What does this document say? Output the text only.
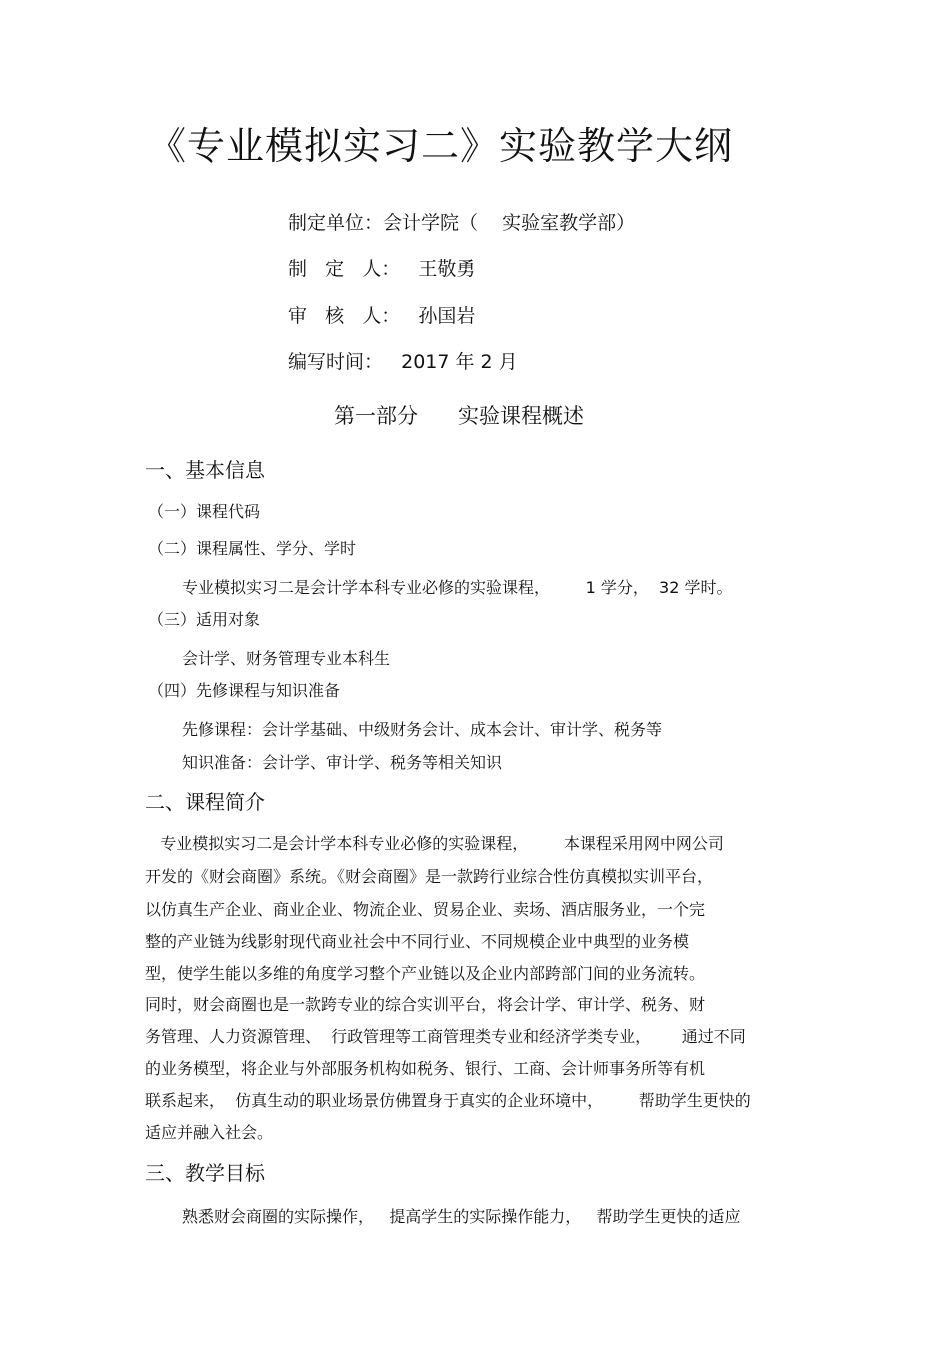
《专业模拟实习二》实验教学大纲
制定单位：会计学院（    实验室教学部）
制   定   人：   王敬勇
审   核   人：   孙国岩
编写时间：   2017 年 2 月
第一部分      实验课程概述
一、基本信息
（一）课程代码
（二）课程属性、学分、学时
专业模拟实习二是会计学本科专业必修的实验课程，       1 学分，  32 学时。
（三）适用对象
会计学、财务管理专业本科生
（四）先修课程与知识准备
先修课程：会计学基础、中级财务会计、成本会计、审计学、税务等
知识准备：会计学、审计学、税务等相关知识
二、课程简介
专业模拟实习二是会计学本科专业必修的实验课程，       本课程采用网中网公司
开发的《财会商圈》系统。《财会商圈》是一款跨行业综合性仿真模拟实训平台，
以仿真生产企业、商业企业、物流企业、贸易企业、卖场、酒店服务业，一个完
整的产业链为线影射现代商业社会中不同行业、不同规模企业中典型的业务模
型，使学生能以多维的角度学习整个产业链以及企业内部跨部门间的业务流转。
同时，财会商圈也是一款跨专业的综合实训平台，将会计学、审计学、税务、财
务管理、人力资源管理、  行政管理等工商管理类专业和经济学类专业，      通过不同
的业务模型，将企业与外部服务机构如税务、银行、工商、会计师事务所等有机
联系起来，  仿真生动的职业场景仿佛置身于真实的企业环境中，       帮助学生更快的
适应并融入社会。
三、教学目标
熟悉财会商圈的实际操作，   提高学生的实际操作能力，   帮助学生更快的适应
